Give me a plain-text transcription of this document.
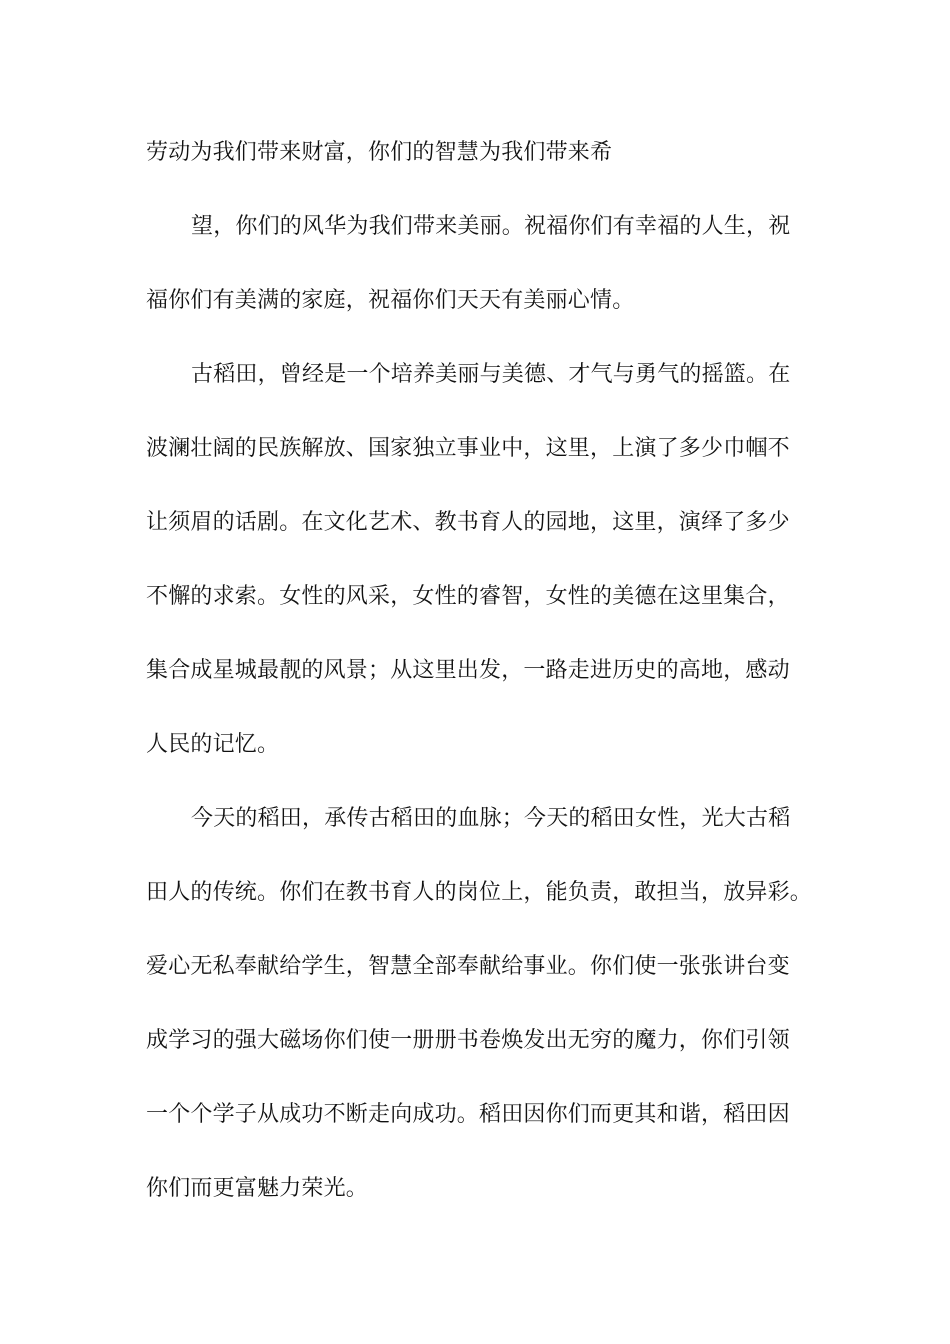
劳动为我们带来财富，你们的智慧为我们带来希
望，你们的风华为我们带来美丽。祝福你们有幸福的人生，祝
福你们有美满的家庭，祝福你们天天有美丽心情。
古稻田，曾经是一个培养美丽与美德、才气与勇气的摇篮。在
波澜壮阔的民族解放、国家独立事业中，这里，上演了多少巾帼不
让须眉的话剧。在文化艺术、教书育人的园地，这里，演绎了多少
不懈的求索。女性的风采，女性的睿智，女性的美德在这里集合，
集合成星城最靓的风景；从这里出发，一路走进历史的高地，感动
人民的记忆。
今天的稻田，承传古稻田的血脉；今天的稻田女性，光大古稻
田人的传统。你们在教书育人的岗位上，能负责，敢担当，放异彩。
爱心无私奉献给学生，智慧全部奉献给事业。你们使一张张讲台变
成学习的强大磁场你们使一册册书卷焕发出无穷的魔力，你们引领
一个个学子从成功不断走向成功。稻田因你们而更其和谐，稻田因
你们而更富魅力荣光。
